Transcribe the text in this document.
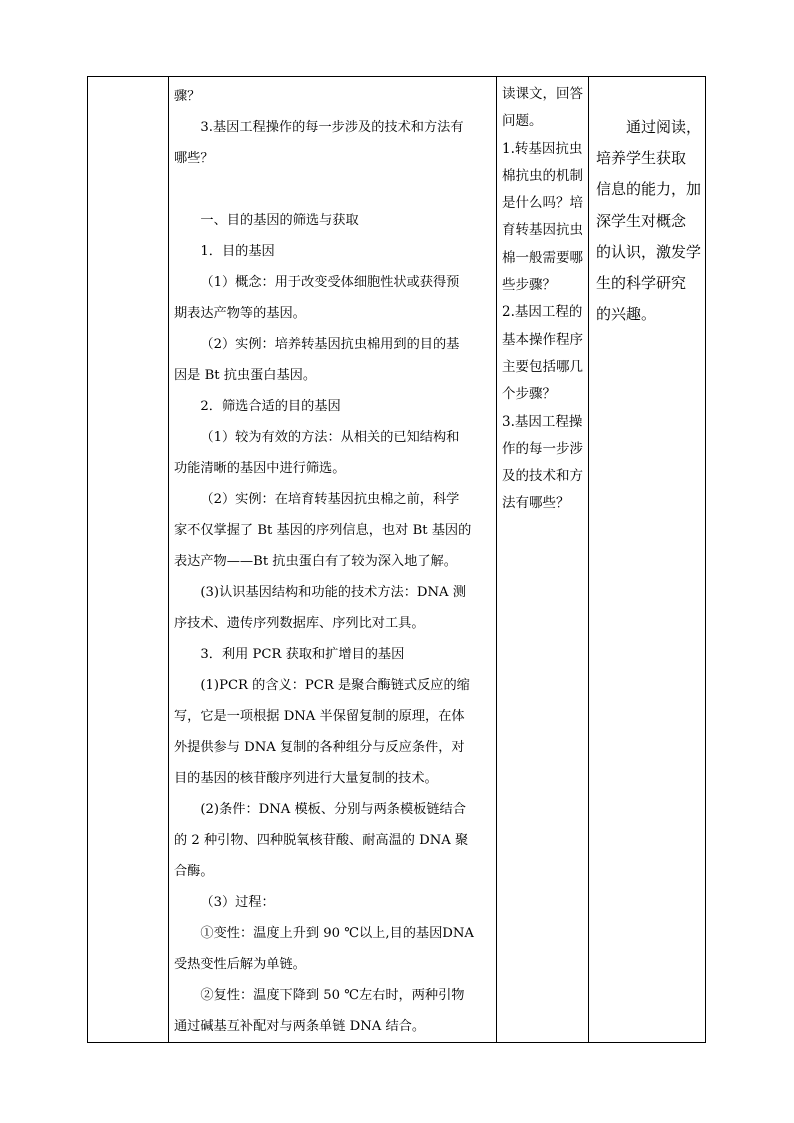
骤？

3.基因工程操作的每一步涉及的技术和方法有

哪些？

一、目的基因的筛选与获取

1．目的基因

（1）概念：用于改变受体细胞性状或获得预

期表达产物等的基因。

（2）实例：培养转基因抗虫棉用到的目的基

因是 Bt 抗虫蛋白基因。

2．筛选合适的目的基因

（1）较为有效的方法：从相关的已知结构和

功能清晰的基因中进行筛选。

（2）实例：在培育转基因抗虫棉之前，科学

家不仅掌握了 Bt 基因的序列信息，也对 Bt 基因的

表达产物——Bt 抗虫蛋白有了较为深入地了解。

(3)认识基因结构和功能的技术方法：DNA 测

序技术、遗传序列数据库、序列比对工具。

3．利用 PCR 获取和扩增目的基因

(1)PCR 的含义：PCR 是聚合酶链式反应的缩

写，它是一项根据 DNA 半保留复制的原理，在体

外提供参与 DNA 复制的各种组分与反应条件，对

目的基因的核苷酸序列进行大量复制的技术。

(2)条件：DNA 模板、分别与两条模板链结合

的 2 种引物、四种脱氧核苷酸、耐高温的 DNA 聚

合酶。

（3）过程：

①变性：温度上升到 90 ℃以上,目的基因DNA

受热变性后解为单链。

②复性：温度下降到 50 ℃左右时，两种引物

通过碱基互补配对与两条单链 DNA 结合。

读课文，回答

问题。

1.转基因抗虫

棉抗虫的机制

是什么吗？培

育转基因抗虫

棉一般需要哪

些步骤？

2.基因工程的

基本操作程序

主要包括哪几

个步骤？

3.基因工程操

作的每一步涉

及的技术和方

法有哪些？

　　通过阅读，

培养学生获取

信息的能力，加

深学生对概念

的认识，激发学

生的科学研究

的兴趣。
